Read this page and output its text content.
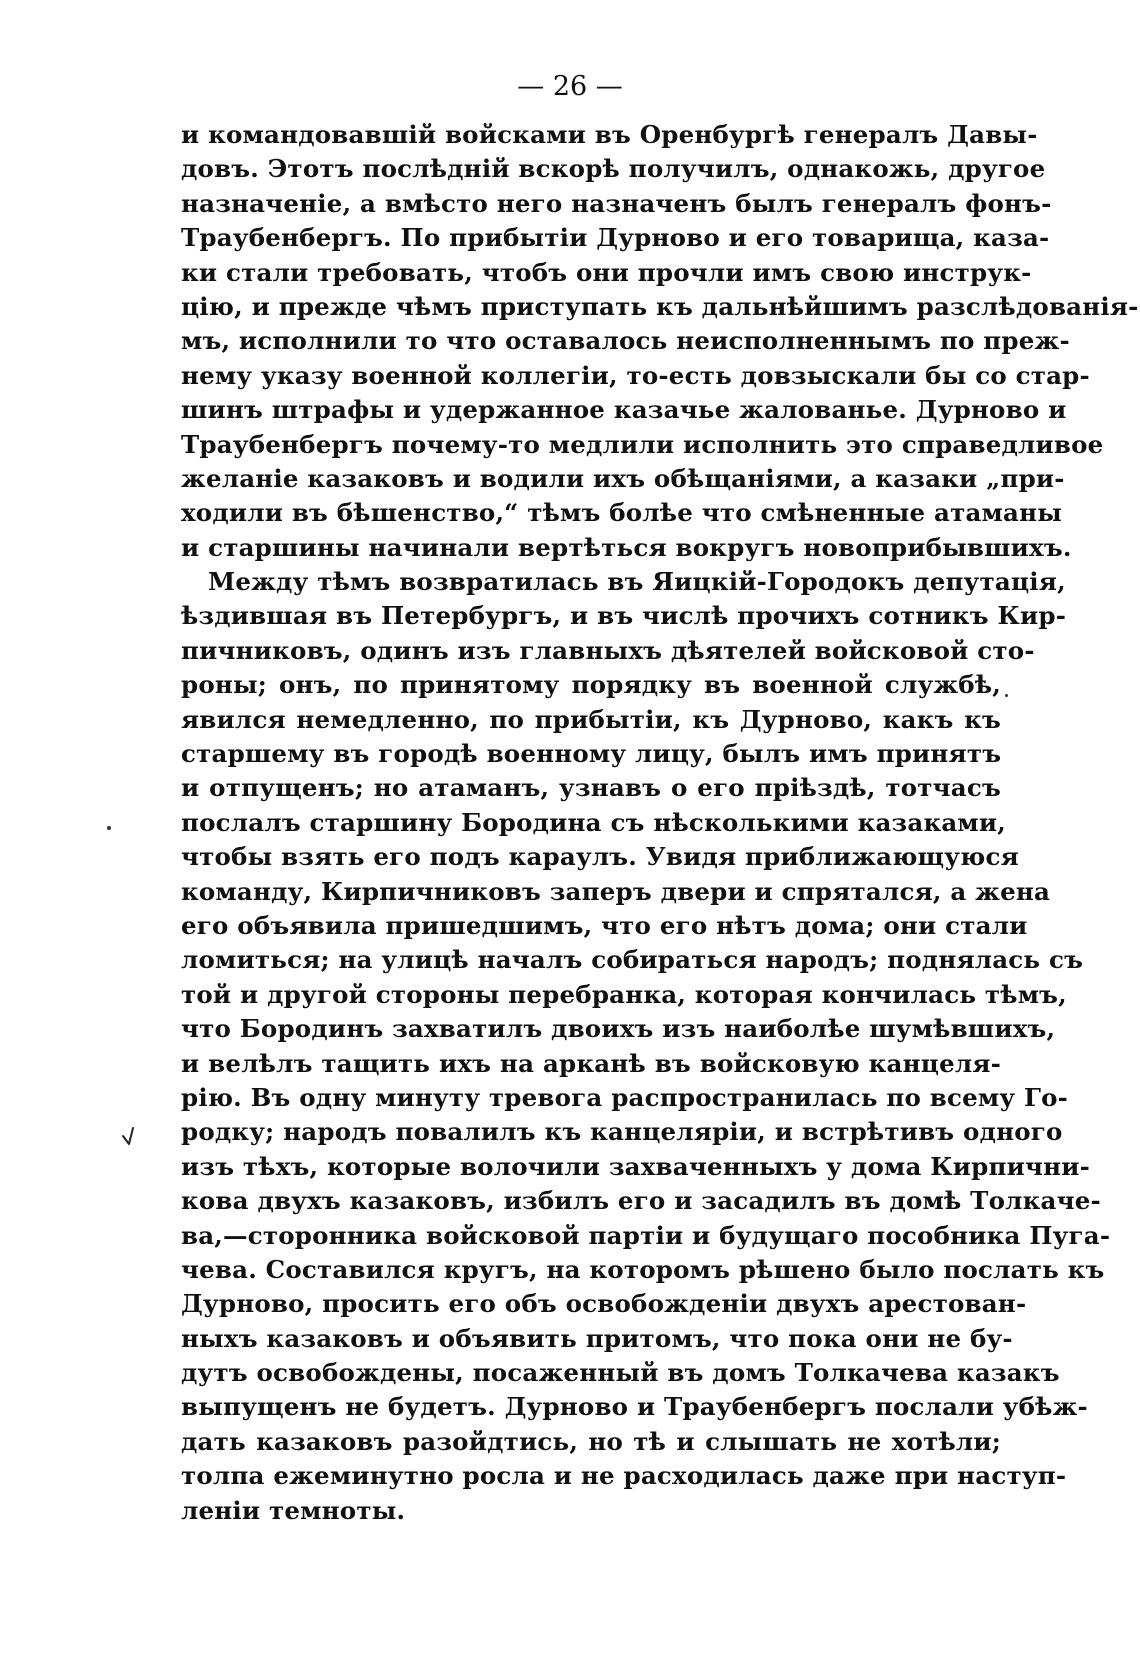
— 26 —
и командовавшій войсками въ Оренбургѣ генералъ Давы-
довъ. Этотъ послѣдній вскорѣ получилъ, однакожь, другое
назначеніе, а вмѣсто него назначенъ былъ генералъ фонъ-
Траубенбергъ. По прибытіи Дурново и его товарища, каза-
ки стали требовать, чтобъ они прочли имъ свою инструк-
цію, и прежде чѣмъ приступать къ дальнѣйшимъ разслѣдованія-
мъ, исполнили то что оставалось неисполненнымъ по преж-
нему указу военной коллегіи, то-есть довзыскали бы со стар-
шинъ штрафы и удержанное казачье жалованье. Дурново и
Траубенбергъ почему-то медлили исполнить это справедливое
желаніе казаковъ и водили ихъ обѣщаніями, а казаки „при-
ходили въ бѣшенство,“ тѣмъ болѣе что смѣненные атаманы
и старшины начинали вертѣться вокругъ новоприбывшихъ.
Между тѣмъ возвратилась въ Яицкій-Городокъ депутація,
ѣздившая въ Петербургъ, и въ числѣ прочихъ сотникъ Кир-
пичниковъ, одинъ изъ главныхъ дѣятелей войсковой сто-
роны; онъ, по принятому порядку въ военной службѣ,
явился немедленно, по прибытіи, къ Дурново, какъ къ
старшему въ городѣ военному лицу, былъ имъ принятъ
и отпущенъ; но атаманъ, узнавъ о его пріѣздѣ, тотчасъ
послалъ старшину Бородина съ нѣсколькими казаками,
чтобы взять его подъ караулъ. Увидя приближающуюся
команду, Кирпичниковъ заперъ двери и спрятался, а жена
его объявила пришедшимъ, что его нѣтъ дома; они стали
ломиться; на улицѣ началъ собираться народъ; поднялась съ
той и другой стороны перебранка, которая кончилась тѣмъ,
что Бородинъ захватилъ двоихъ изъ наиболѣе шумѣвшихъ,
и велѣлъ тащить ихъ на арканѣ въ войсковую канцеля-
рію. Въ одну минуту тревога распространилась по всему Го-
родку; народъ повалилъ къ канцеляріи, и встрѣтивъ одного
изъ тѣхъ, которые волочили захваченныхъ у дома Кирпични-
кова двухъ казаковъ, избилъ его и засадилъ въ домѣ Толкаче-
ва,—сторонника войсковой партіи и будущаго пособника Пуга-
чева. Составился кругъ, на которомъ рѣшено было послать къ
Дурново, просить его объ освобожденіи двухъ арестован-
ныхъ казаковъ и объявить притомъ, что пока они не бу-
дутъ освобождены, посаженный въ домъ Толкачева казакъ
выпущенъ не будетъ. Дурново и Траубенбергъ послали убѣж-
дать казаковъ разойдтись, но тѣ и слышать не хотѣли;
толпа ежеминутно росла и не расходилась даже при наступ-
леніи темноты.
